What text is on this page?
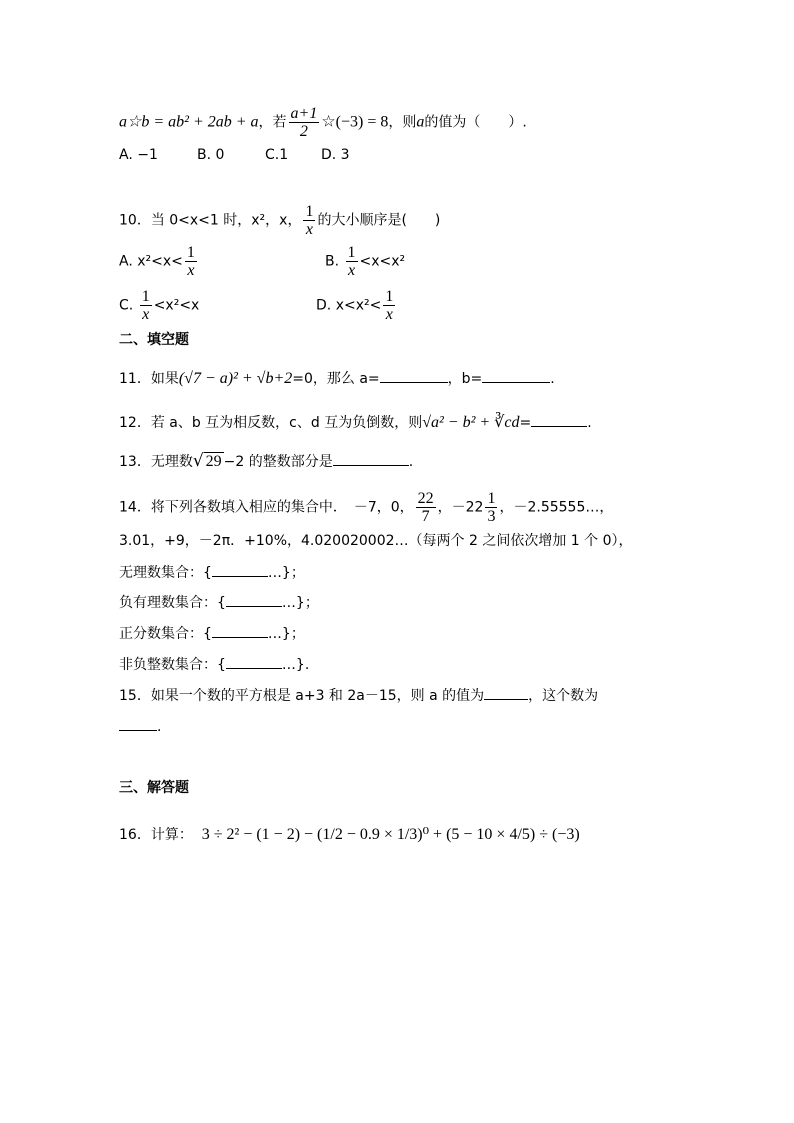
a☆b = ab² + 2ab + a，若 $\frac{a+1}{2}$ ☆(−3) = 8，则a的值为（　　）.
A. −1	B. 0	C.1 D. 3
10．当 0<x<1 时，x²，x， $\frac{1}{x}$ 的大小顺序是(　　)
A. $x^2<x< \frac{1}{x}$	B. $\frac{1}{x} <x<x^2$
C. $\frac{1}{x} <x^2<x$	D. $x<x^2< \frac{1}{x}$
二、填空题
11．如果(√7 − a)² + √b+2=0，那么 a=	，b=	.
12．若 a、b 互为相反数，c、d 互为负倒数，则√a² − b² + ∛cd=	.
13．无理数√ 29 −2 的整数部分是	.
14．将下列各数填入相应的集合中．　－7，0， $\frac{22}{7}$ ，$-22 \frac{1}{3}$ ，－2.55555…，
3.01，+9，－2π．+10%，4.020020002…（每两个 2 之间依次增加 1 个 0），
无理数集合：{	…}；
负有理数集合：{	…}；
正分数集合：{	…}；
非负整数集合：{	…}.
15．如果一个数的平方根是 a+3 和 2a－15，则 a 的值为	，这个数为
.
三、解答题
16．计算： 3 ÷ 2² − (1 − 2) − (1/2 − 0.9 × 1/3)⁰ + (5 − 10 × 4/5) ÷ (−3)
